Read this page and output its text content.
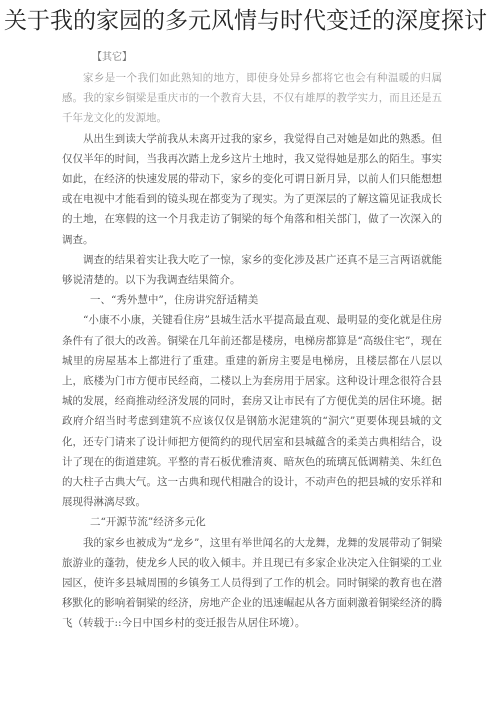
关于我的家园的多元风情与时代变迁的深度探讨
【其它】

家乡是一个我们如此熟知的地方，即使身处异乡都将它也会有种温暖的归属感。我的家乡铜梁是重庆市的一个教育大县，不仅有雄厚的教学实力，而且还是五千年龙文化的发源地。

从出生到读大学前我从未离开过我的家乡，我觉得自己对她是如此的熟悉。但仅仅半年的时间，当我再次踏上龙乡这片土地时，我又觉得她是那么的陌生。事实如此，在经济的快速发展的带动下，家乡的变化可谓日新月异，以前人们只能想想或在电视中才能看到的镜头现在都变为了现实。为了更深层的了解这篇见证我成长的土地，在寒假的这一个月我走访了铜梁的每个角落和相关部门，做了一次深入的调查。

调查的结果着实让我大吃了一惊，家乡的变化涉及甚广还真不是三言两语就能够说清楚的。以下为我调查结果简介。

一、“秀外慧中”，住房讲究舒适精美

“小康不小康，关键看住房”县城生活水平提高最直观、最明显的变化就是住房条件有了很大的改善。铜梁在几年前还都是楼房，电梯房都算是“高级住宅”，现在城里的房屋基本上都进行了重建。重建的新房主要是电梯房，且楼层都在八层以上，底楼为门市方便市民经商，二楼以上为套房用于居家。这种设计理念很符合县城的发展，经商推动经济发展的同时，套房又让市民有了方便优美的居住环境。据政府介绍当时考虑到建筑不应该仅仅是钢筋水泥建筑的“洞穴”更要体现县城的文化，还专门请来了设计师把方便简约的现代居室和县城蕴含的柔美古典相结合，设计了现在的街道建筑。平整的青石板优雅清爽、暗灰色的琉璃瓦低调精美、朱红色的大柱子古典大气。这一古典和现代相融合的设计，不动声色的把县城的安乐祥和展现得淋漓尽致。

二“开源节流”经济多元化

我的家乡也被成为“龙乡”，这里有举世闻名的大龙舞，龙舞的发展带动了铜梁旅游业的蓬勃，使龙乡人民的收入倾丰。并且现已有多家企业决定入住铜梁的工业园区，使许多县城周围的乡镇务工人员得到了工作的机会。同时铜梁的教育也在潜移默化的影响着铜梁的经济，房地产企业的迅速崛起从各方面刺激着铜梁经济的腾飞（转载于::今日中国乡村的变迁报告从居住环境）。
